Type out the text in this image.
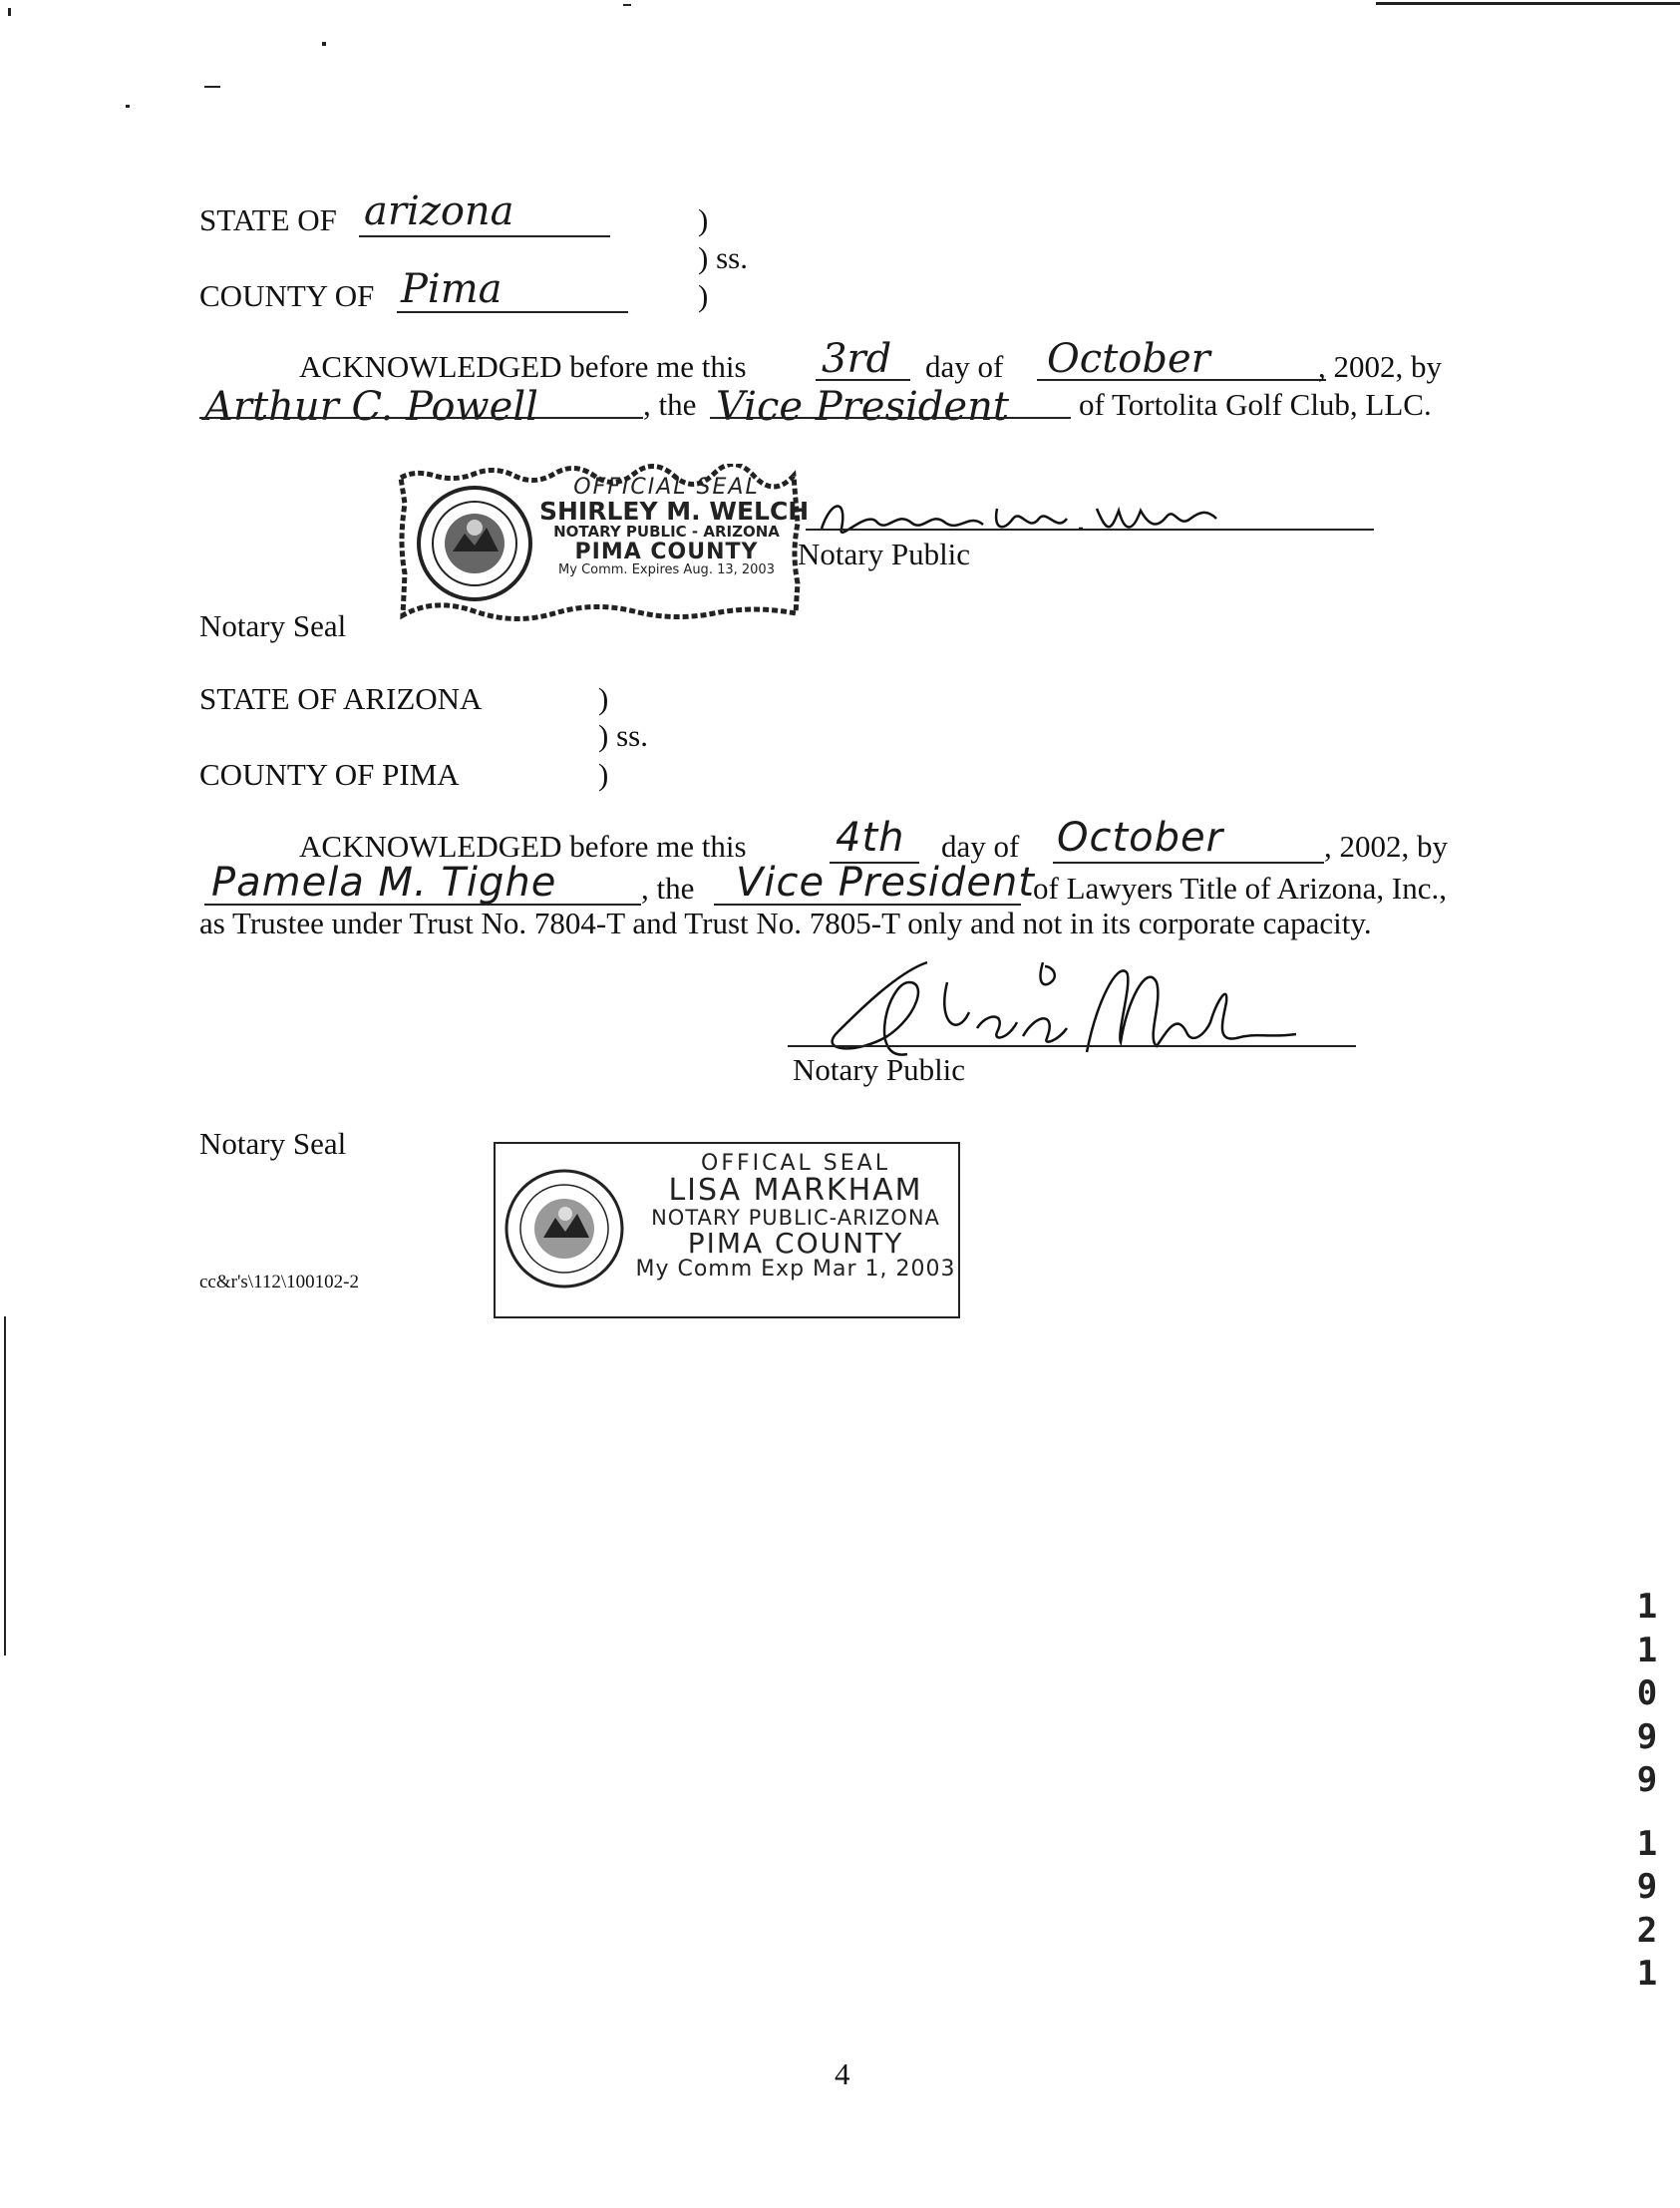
STATE OF arizona
COUNTY OF Pima
)
) ss.
)
ACKNOWLEDGED before me this 3rd day of October	, 2002, by
Arthur C. Powell	, the Vice President of Tortolita Golf Club, LLC.
OFFICIAL SEAL
SHIRLEY M. WELCH
NOTARY PUBLIC - ARIZONA
PIMA COUNTY
My Comm. Expires Aug. 13, 2003 Notary Public
Notary Seal
STATE OF ARIZONA
COUNTY OF PIMA
)
) ss.
)
ACKNOWLEDGED before me this 4th day of October	, 2002, by
Pamela M. Tighe	, the Vice President
of Lawyers Title of Arizona, Inc.,
as Trustee under Trust No. 7804-T and Trust No. 7805-T only and not in its corporate capacity.
Notary Public
Notary Seal
OFFICAL SEAL
LISA MARKHAM
NOTARY PUBLIC-ARIZONA
PIMA COUNTY
My Comm Exp Mar 1, 2003
cc&r's\112\100102-2
1
1
0
9
9
1
9
2
1
4
